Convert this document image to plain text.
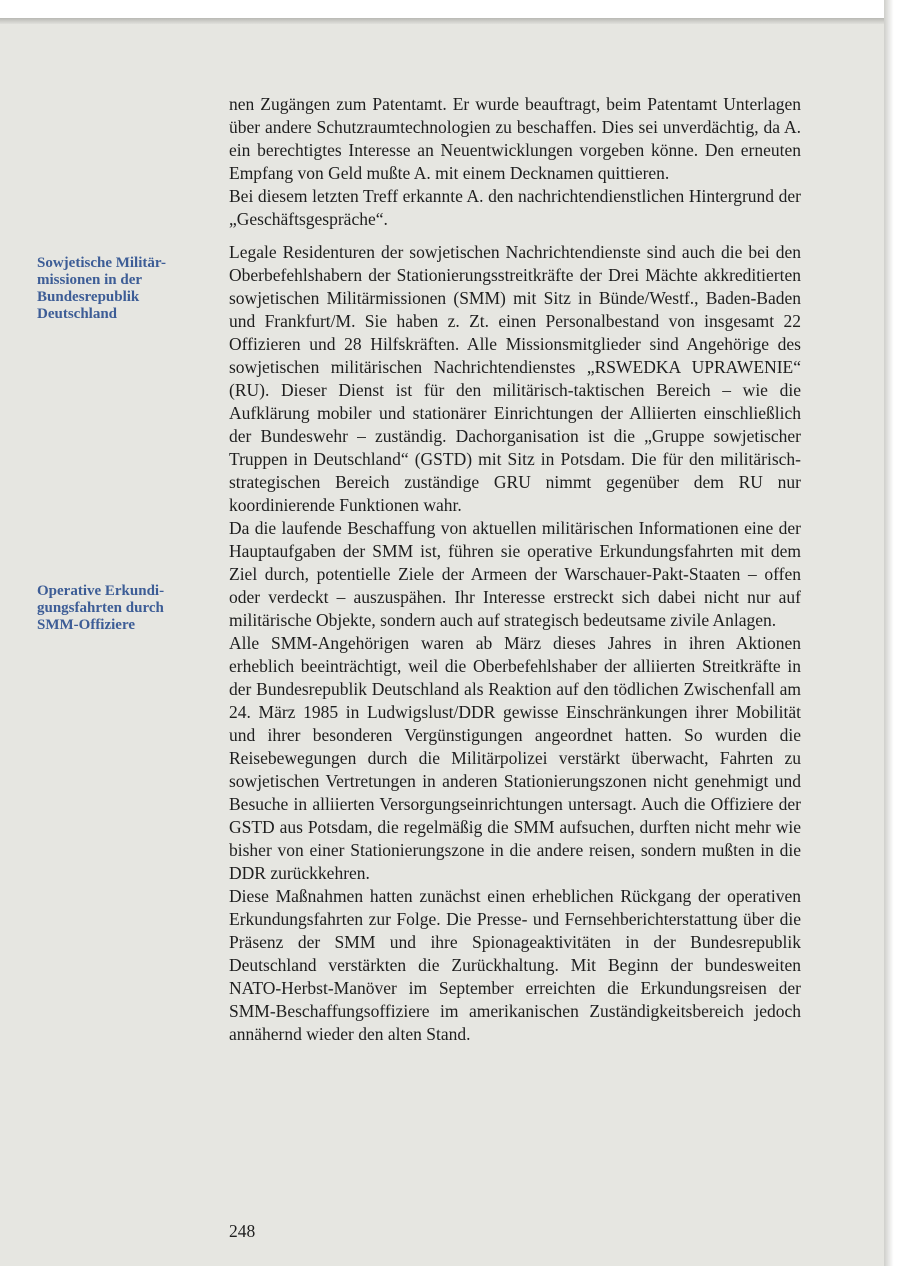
Sowjetische Militär-
missionen in der
Bundesrepublik
Deutschland
Operative Erkundi-
gungsfahrten durch
SMM-Offiziere

nen Zugängen zum Patentamt. Er wurde beauftragt, beim Patentamt Unterlagen über andere Schutzraumtechnologien zu beschaffen. Dies sei unverdächtig, da A. ein berechtigtes Interesse an Neuentwicklungen vorgeben könne. Den erneuten Empfang von Geld mußte A. mit einem Decknamen quittieren.

Bei diesem letzten Treff erkannte A. den nachrichtendienstlichen Hintergrund der „Geschäftsgespräche“.

Legale Residenturen der sowjetischen Nachrichtendienste sind auch die bei den Oberbefehlshabern der Stationierungsstreitkräfte der Drei Mächte akkreditierten sowjetischen Militärmissionen (SMM) mit Sitz in Bünde/Westf., Baden-Baden und Frankfurt/M. Sie haben z. Zt. einen Personalbestand von insgesamt 22 Offizieren und 28 Hilfskräften. Alle Missionsmitglieder sind Angehörige des sowjetischen militärischen Nachrichtendienstes „RSWEDKA UPRAWENIE“ (RU). Dieser Dienst ist für den militärisch-taktischen Bereich – wie die Aufklärung mobiler und stationärer Einrichtungen der Alliierten einschließlich der Bundeswehr – zuständig. Dachorganisation ist die „Gruppe sowjetischer Truppen in Deutschland“ (GSTD) mit Sitz in Potsdam. Die für den militärisch-strategischen Bereich zuständige GRU nimmt gegenüber dem RU nur koordinierende Funktionen wahr.

Da die laufende Beschaffung von aktuellen militärischen Informationen eine der Hauptaufgaben der SMM ist, führen sie operative Erkundungsfahrten mit dem Ziel durch, potentielle Ziele der Armeen der Warschauer-Pakt-Staaten – offen oder verdeckt – auszuspähen. Ihr Interesse erstreckt sich dabei nicht nur auf militärische Objekte, sondern auch auf strategisch bedeutsame zivile Anlagen.

Alle SMM-Angehörigen waren ab März dieses Jahres in ihren Aktionen erheblich beeinträchtigt, weil die Oberbefehlshaber der alliierten Streitkräfte in der Bundesrepublik Deutschland als Reaktion auf den tödlichen Zwischenfall am 24. März 1985 in Ludwigslust/DDR gewisse Einschränkungen ihrer Mobilität und ihrer besonderen Vergünstigungen angeordnet hatten. So wurden die Reisebewegungen durch die Militärpolizei verstärkt überwacht, Fahrten zu sowjetischen Vertretungen in anderen Stationierungszonen nicht genehmigt und Besuche in alliierten Versorgungseinrichtungen untersagt. Auch die Offiziere der GSTD aus Potsdam, die regelmäßig die SMM aufsuchen, durften nicht mehr wie bisher von einer Stationierungszone in die andere reisen, sondern mußten in die DDR zurückkehren.

Diese Maßnahmen hatten zunächst einen erheblichen Rückgang der operativen Erkundungsfahrten zur Folge. Die Presse- und Fernsehberichterstattung über die Präsenz der SMM und ihre Spionageaktivitäten in der Bundesrepublik Deutschland verstärkten die Zurückhaltung. Mit Beginn der bundesweiten NATO-Herbst-Manöver im September erreichten die Erkundungsreisen der SMM-Beschaffungsoffiziere im amerikanischen Zuständigkeitsbereich jedoch annähernd wieder den alten Stand.

248
